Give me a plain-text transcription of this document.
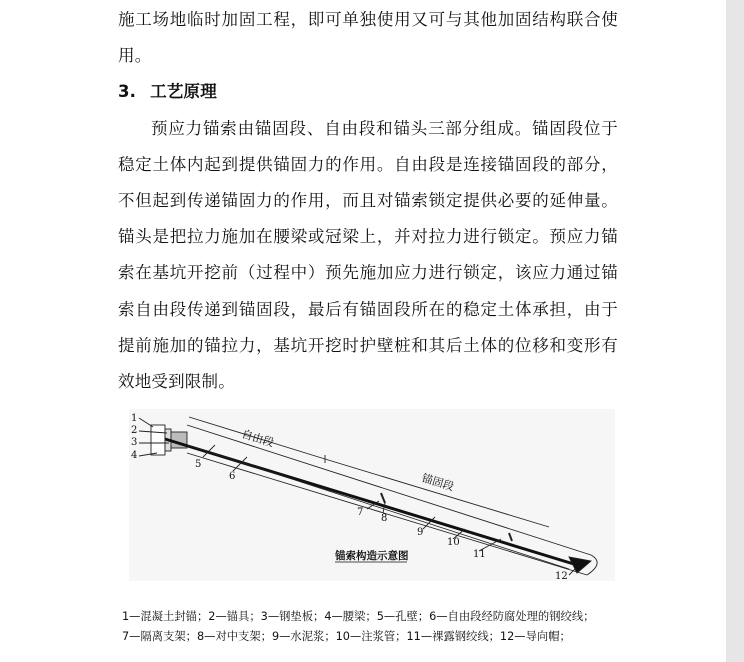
施工场地临时加固工程，即可单独使用又可与其他加固结构联合使用。

3. 工艺原理

预应力锚索由锚固段、自由段和锚头三部分组成。锚固段位于稳定土体内起到提供锚固力的作用。自由段是连接锚固段的部分，不但起到传递锚固力的作用，而且对锚索锁定提供必要的延伸量。锚头是把拉力施加在腰梁或冠梁上，并对拉力进行锁定。预应力锚索在基坑开挖前（过程中）预先施加应力进行锁定，该应力通过锚索自由段传递到锚固段，最后有锚固段所在的稳定土体承担，由于提前施加的锚拉力，基坑开挖时护壁桩和其后土体的位移和变形有效地受到限制。

1
2
3
4
5
6
7
8
9
10
11
12
自由段
锚固段
锚索构造示意图
1—混凝土封锚；2—锚具；3—钢垫板；4—腰梁；5—孔壁；6—自由段经防腐处理的钢绞线；
7—隔离支架；8—对中支架；9—水泥浆；10—注浆管；11—裸露钢绞线；12—导向帽；
